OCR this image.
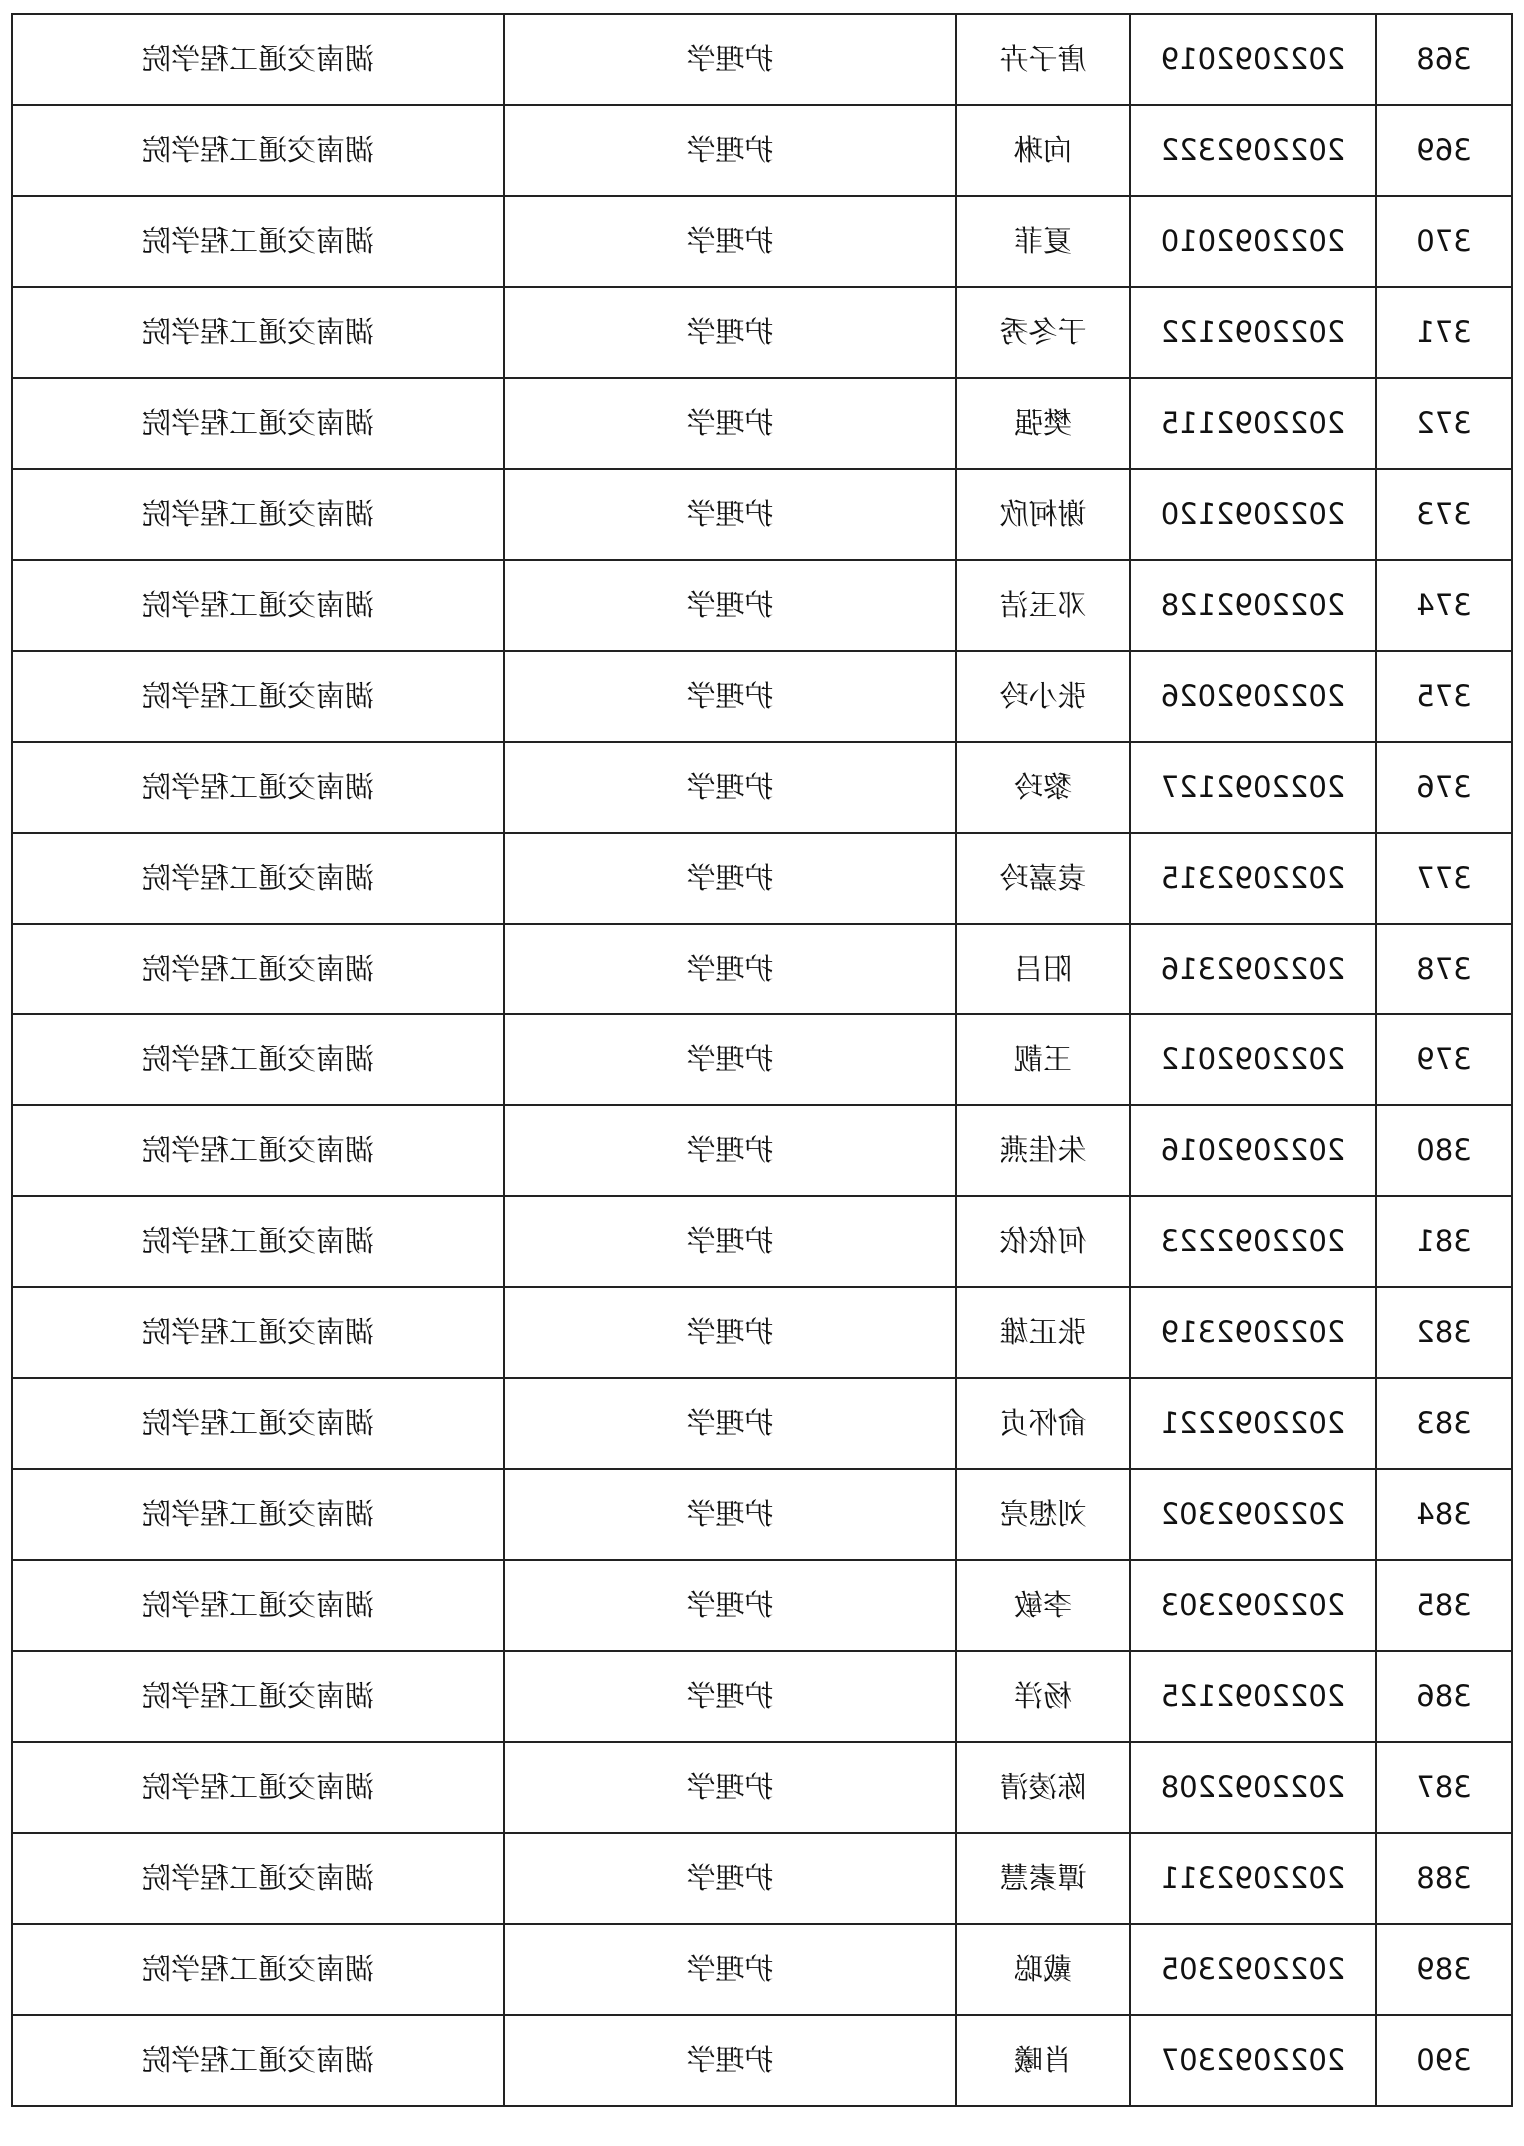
368	2022092019	唐子卉	护理学	湖南交通工程学院
369	2022092322	向琳	护理学	湖南交通工程学院
370	2022092010	夏菲	护理学	湖南交通工程学院
371	2022092122	于冬秀	护理学	湖南交通工程学院
372	2022092115	樊强	护理学	湖南交通工程学院
373	2022092120	谢柯欣	护理学	湖南交通工程学院
374	2022092128	邓玉洁	护理学	湖南交通工程学院
375	2022092026	张小玲	护理学	湖南交通工程学院
376	2022092127	黎玲	护理学	湖南交通工程学院
377	2022092315	袁嘉玲	护理学	湖南交通工程学院
378	2022092316	阳吕	护理学	湖南交通工程学院
379	2022092012	王靓	护理学	湖南交通工程学院
380	2022092016	朱佳燕	护理学	湖南交通工程学院
381	2022092223	何依依	护理学	湖南交通工程学院
382	2022092319	张正雄	护理学	湖南交通工程学院
383	2022092221	俞怀贞	护理学	湖南交通工程学院
384	2022092302	刘想亮	护理学	湖南交通工程学院
385	2022092303	李敏	护理学	湖南交通工程学院
386	2022092125	杨洋	护理学	湖南交通工程学院
387	2022092208	陈凌清	护理学	湖南交通工程学院
388	2022092311	谭素慧	护理学	湖南交通工程学院
389	2022092305	戴聪	护理学	湖南交通工程学院
390	2022092307	肖曦	护理学	湖南交通工程学院
